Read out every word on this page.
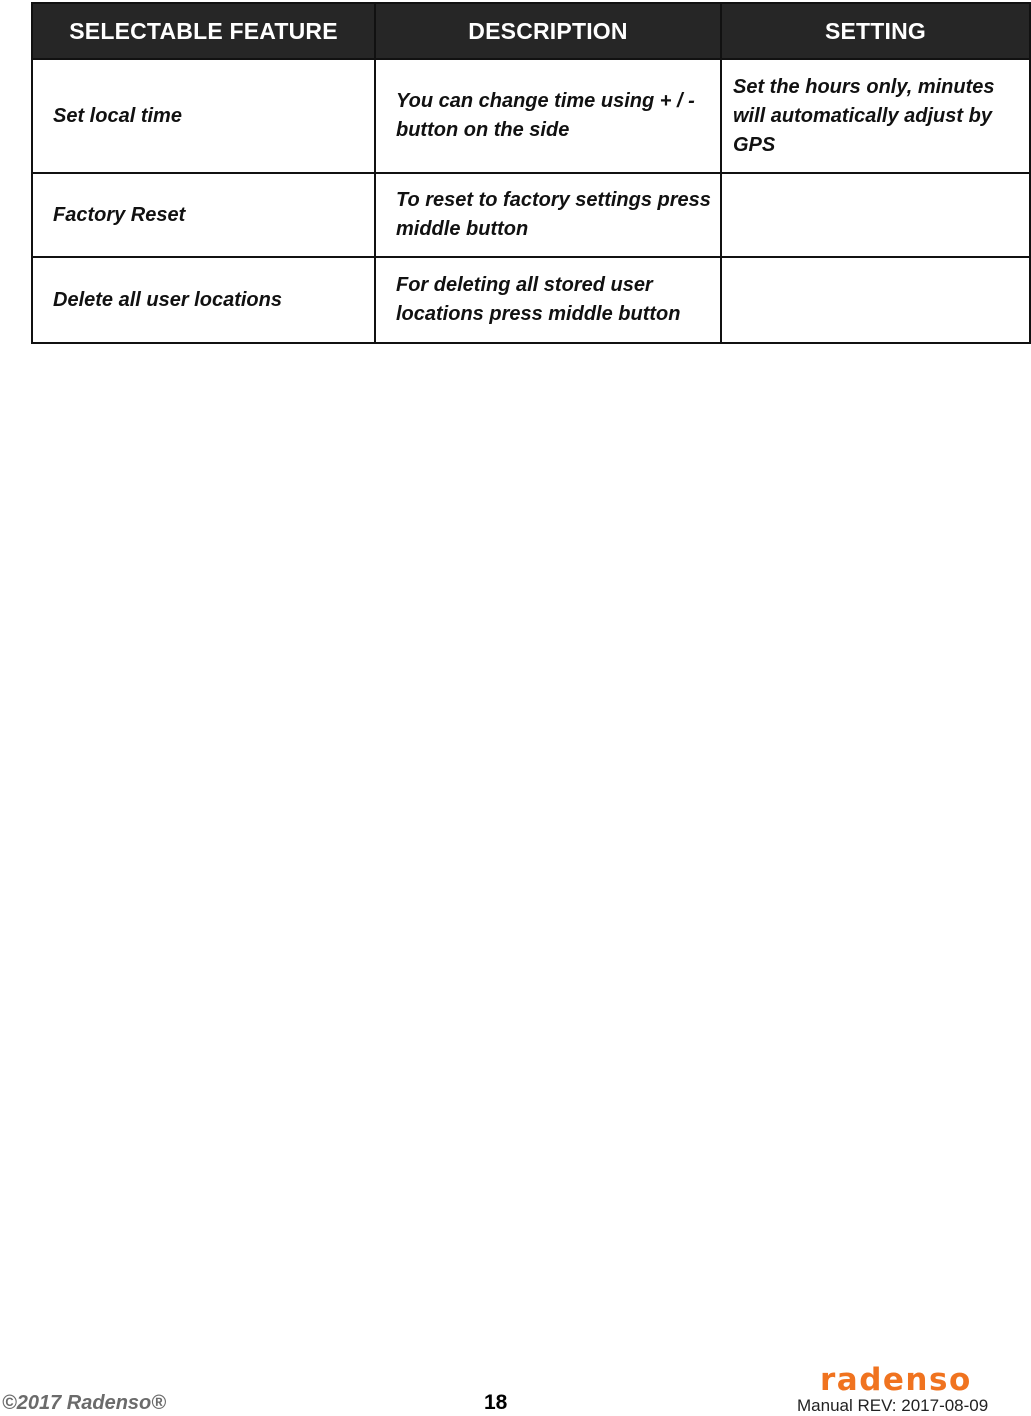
SELECTABLE FEATURE	DESCRIPTION	SETTING
Set local time	You can change time using + / - button on the side	Set the hours only, minutes will automatically adjust by GPS
Factory Reset	To reset to factory settings press middle button	
Delete all user locations	For deleting all stored user locations press middle button	
©2017 Radenso®	18
radenso
Manual REV: 2017-08-09
